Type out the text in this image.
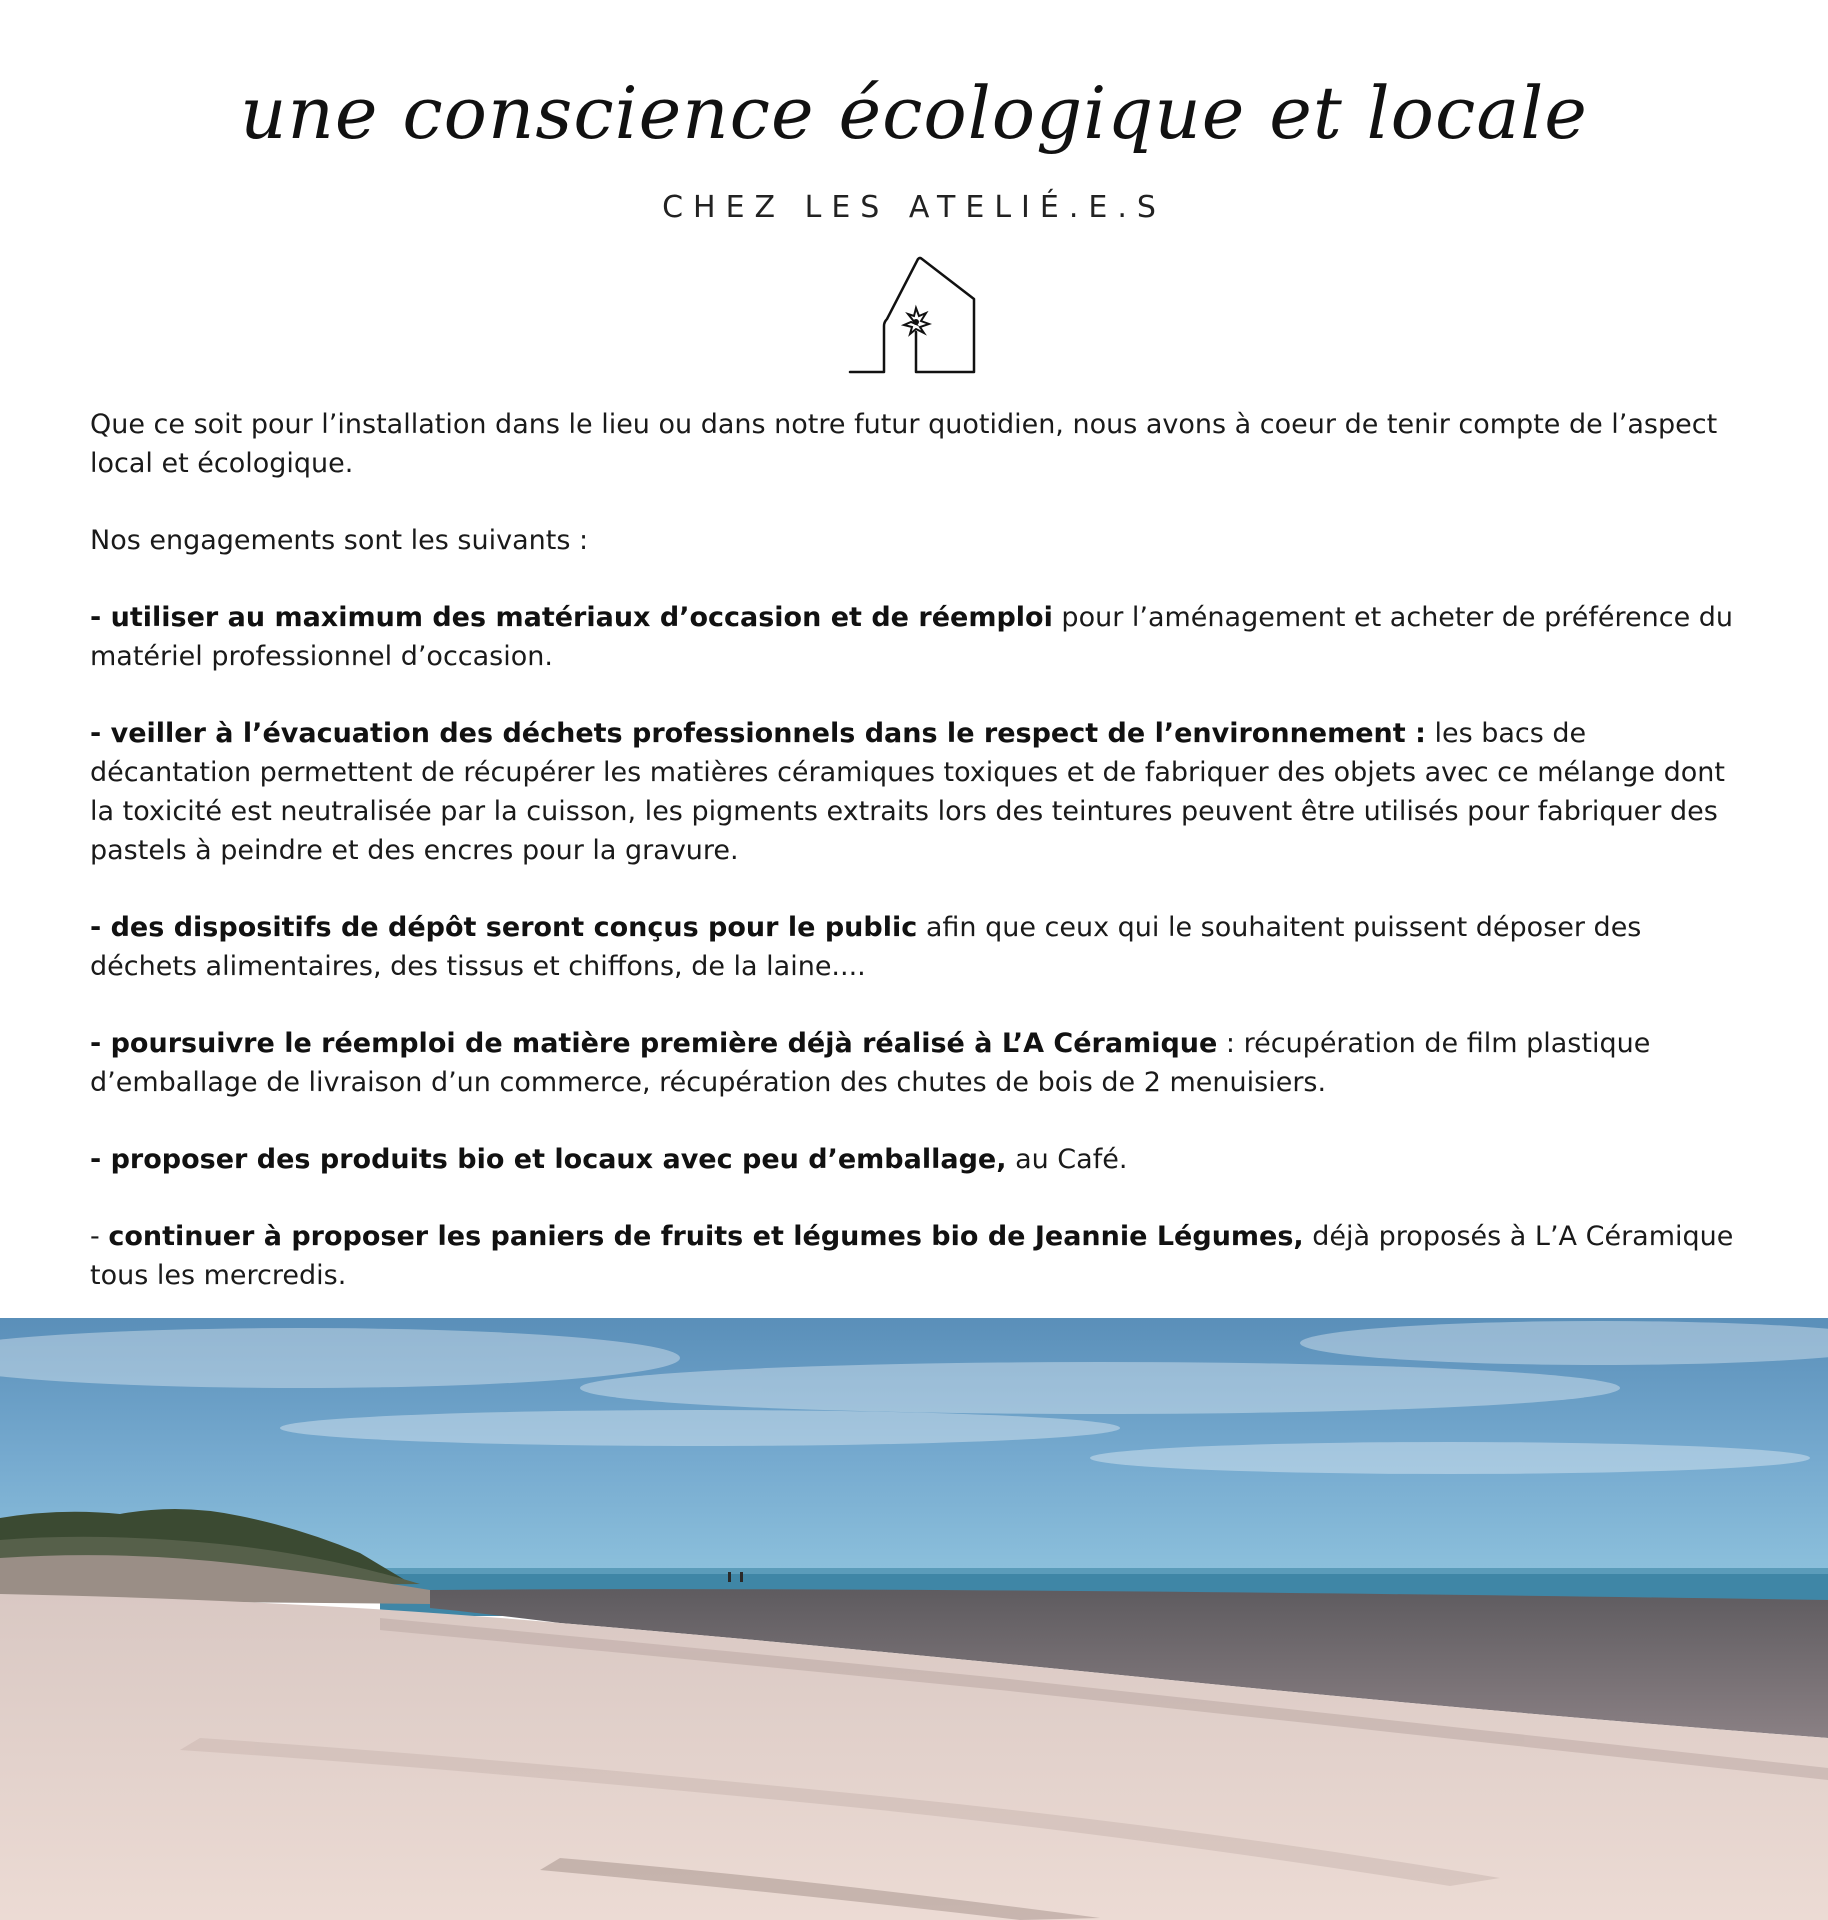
une conscience écologique et locale
CHEZ LES ATELIÉ.E.S

Que ce soit pour l’installation dans le lieu ou dans notre futur quotidien, nous avons à coeur de tenir compte de l’aspect local et écologique.

Nos engagements sont les suivants :

- utiliser au maximum des matériaux d’occasion et de réemploi pour l’aménagement et acheter de préférence du matériel professionnel d’occasion.

- veiller à l’évacuation des déchets professionnels dans le respect de l’environnement : les bacs de décantation permettent de récupérer les matières céramiques toxiques et de fabriquer des objets avec ce mélange dont la toxicité est neutralisée par la cuisson, les pigments extraits lors des teintures peuvent être utilisés pour fabriquer des pastels à peindre et des encres pour la gravure.

- des dispositifs de dépôt seront conçus pour le public afin que ceux qui le souhaitent puissent déposer des déchets alimentaires, des tissus et chiffons, de la laine....

- poursuivre le réemploi de matière première déjà réalisé à L’A Céramique : récupération de film plastique d’emballage de livraison d’un commerce, récupération des chutes de bois de 2 menuisiers.

- proposer des produits bio et locaux avec peu d’emballage, au Café.

- continuer à proposer les paniers de fruits et légumes bio de Jeannie Légumes, déjà proposés à L’A Céramique tous les mercredis.
